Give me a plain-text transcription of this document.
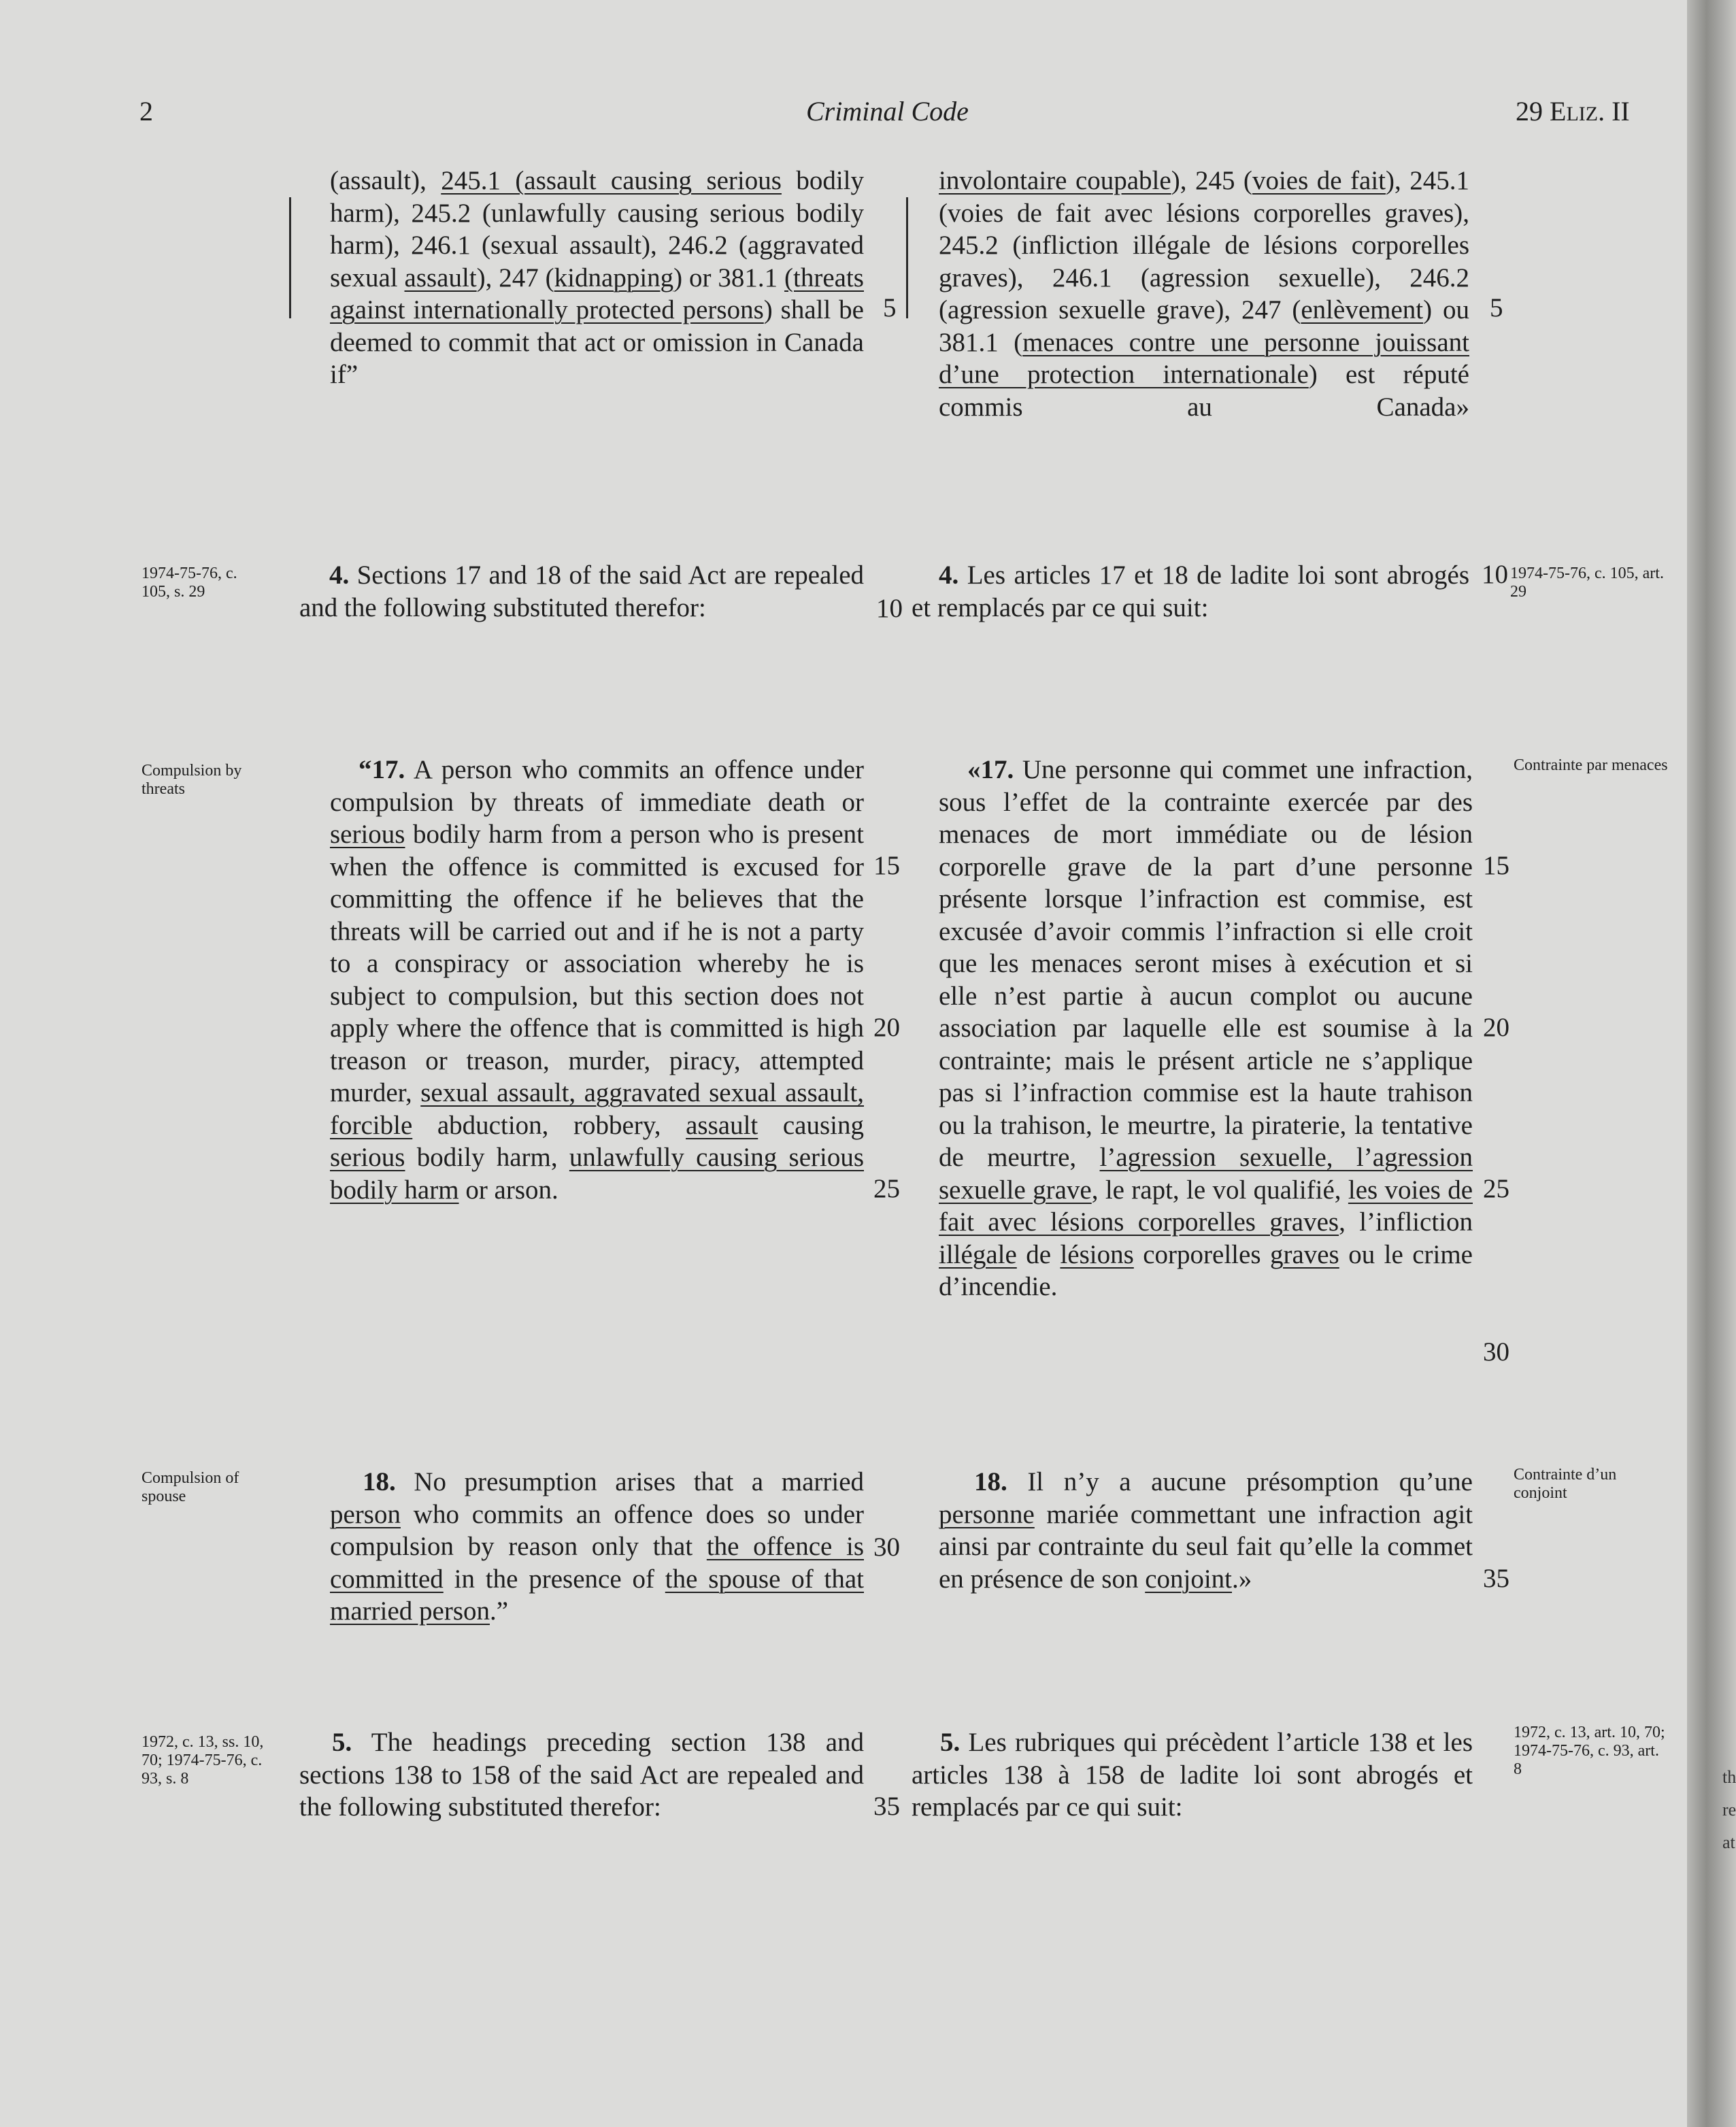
2	Criminal Code	29 ELIZ. II
(assault), 245.1 (assault causing serious bodily harm), 245.2 (unlawfully causing serious bodily harm), 246.1 (sexual assault), 246.2 (aggravated sexual assault), 247 (kidnapping) or 381.1 (threats against internationally protected persons) shall be deemed to commit that act or omission in Canada if”
involontaire coupable), 245 (voies de fait), 245.1 (voies de fait avec lésions corporelles graves), 245.2 (infliction illégale de lésions corporelles graves), 246.1 (agression sexuelle), 246.2 (agression sexuelle grave), 247 (enlèvement) ou 381.1 (menaces contre une personne jouissant d’une protection internationale) est réputé commis au Canada»
1974-75-76, c. 105, s. 29
4. Sections 17 and 18 of the said Act are repealed and the following substituted therefor:
4. Les articles 17 et 18 de ladite loi sont abrogés et remplacés par ce qui suit:
1974-75-76, c. 105, art. 29
Compulsion by threats
“17. A person who commits an offence under compulsion by threats of immediate death or serious bodily harm from a person who is present when the offence is committed is excused for committing the offence if he believes that the threats will be carried out and if he is not a party to a conspiracy or association whereby he is subject to compulsion, but this section does not apply where the offence that is committed is high treason or treason, murder, piracy, attempted murder, sexual assault, aggravated sexual assault, forcible abduction, robbery, assault causing serious bodily harm, unlawfully causing serious bodily harm or arson.
«17. Une personne qui commet une infraction, sous l’effet de la contrainte exercée par des menaces de mort immédiate ou de lésion corporelle grave de la part d’une personne présente lorsque l’infraction est commise, est excusée d’avoir commis l’infraction si elle croit que les menaces seront mises à exécution et si elle n’est partie à aucun complot ou aucune association par laquelle elle est soumise à la contrainte; mais le présent article ne s’applique pas si l’infraction commise est la haute trahison ou la trahison, le meurtre, la piraterie, la tentative de meurtre, l’agression sexuelle, l’agression sexuelle grave, le rapt, le vol qualifié, les voies de fait avec lésions corporelles graves, l’infliction illégale de lésions corporelles graves ou le crime d’incendie.
Contrainte par menaces
Compulsion of spouse	18. No presumption arises that a married person who commits an offence does so under compulsion by reason only that the offence is committed in the presence of the spouse of that married person.”
18. Il n’y a aucune présomption qu’une personne mariée commettant une infraction agit ainsi par contrainte du seul fait qu’elle la commet en présence de son conjoint.»
Contrainte d’un conjoint
1972, c. 13, ss. 10, 70; 1974-75-76, c. 93, s. 8
5. The headings preceding section 138 and sections 138 to 158 of the said Act are repealed and the following substituted therefor:
5. Les rubriques qui précèdent l’article 138 et les articles 138 à 158 de ladite loi sont abrogés et remplacés par ce qui suit:
1972, c. 13, art. 10, 70; 1974-75-76, c. 93, art. 8
5	5
10
10
15	15
20	20
25	25
30
30
35
35
th
re
at
